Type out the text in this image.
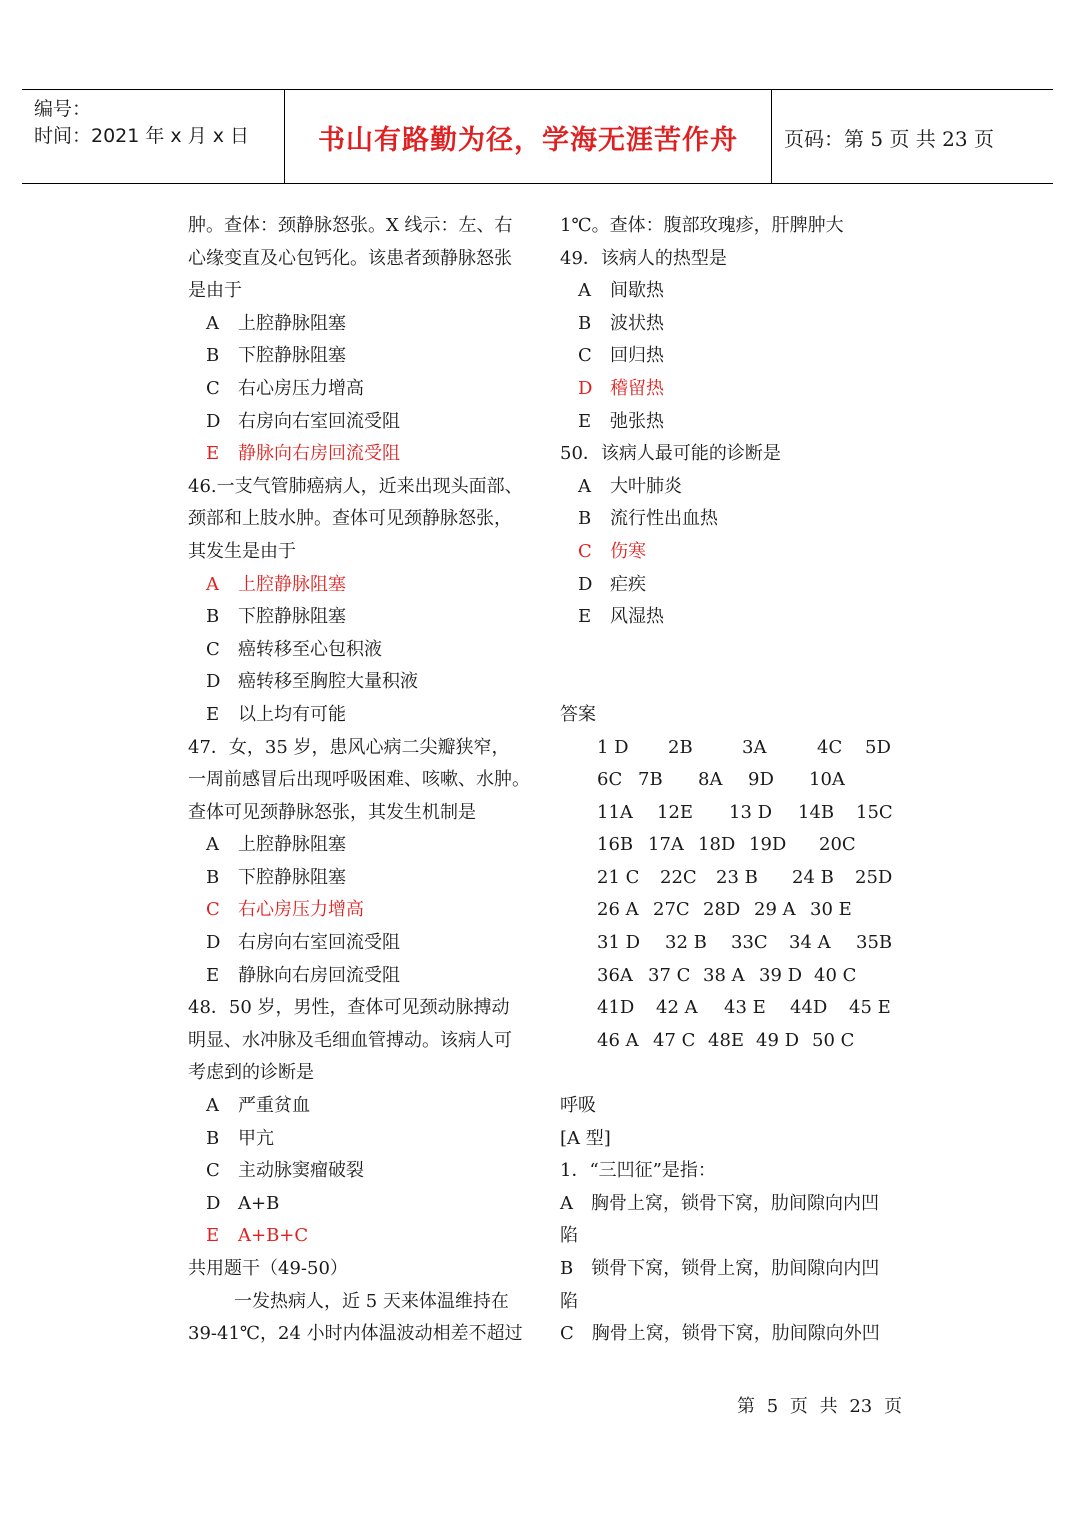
编号：
时间：2021 年 x 月 x 日	书山有路勤为径，学海无涯苦作舟	页码：第 5 页 共 23 页
肿。查体：颈静脉怒张。X 线示：左、右
心缘变直及心包钙化。该患者颈静脉怒张
是由于
A 上腔静脉阻塞
B 下腔静脉阻塞
C 右心房压力增高
D 右房向右室回流受阻
E 静脉向右房回流受阻
46.一支气管肺癌病人，近来出现头面部、
颈部和上肢水肿。查体可见颈静脉怒张，
其发生是由于
A 上腔静脉阻塞
B 下腔静脉阻塞
C 癌转移至心包积液
D 癌转移至胸腔大量积液
E 以上均有可能
47．女，35 岁，患风心病二尖瓣狭窄，
一周前感冒后出现呼吸困难、咳嗽、水肿。
查体可见颈静脉怒张，其发生机制是
A 上腔静脉阻塞
B 下腔静脉阻塞
C 右心房压力增高
D 右房向右室回流受阻
E 静脉向右房回流受阻
48．50 岁，男性，查体可见颈动脉搏动
明显、水冲脉及毛细血管搏动。该病人可
考虑到的诊断是
A 严重贫血
B 甲亢
C 主动脉窦瘤破裂
D A+B
E A+B+C
共用题干（49-50）
一发热病人，近 5 天来体温维持在
39-41℃，24 小时内体温波动相差不超过
1℃。查体：腹部玫瑰疹，肝脾肿大
49．该病人的热型是
A 间歇热
B 波状热
C 回归热
D 稽留热
E 弛张热
50．该病人最可能的诊断是
A 大叶肺炎
B 流行性出血热
C 伤寒
D 疟疾
E 风湿热
答案
1 D 2B	3A	4C 5D
6C 7B 8A 9D 10A
11A 12E 13 D 14B 15C
16B 17A 18D 19D 20C
21 C 22C 23 B 24 B 25D
26 A 27C 28D 29 A 30 E
31 D 32 B 33C 34 A 35B
36A 37 C 38 A 39 D 40 C
41D 42 A 43 E 44D 45 E
46 A 47 C 48E 49 D 50 C
呼吸
[A 型]
1．“三凹征”是指：
A　胸骨上窝，锁骨下窝，肋间隙向内凹
陷
B　锁骨下窝，锁骨上窝，肋间隙向内凹
陷
C　胸骨上窝，锁骨下窝，肋间隙向外凹
第 5 页 共 23 页
